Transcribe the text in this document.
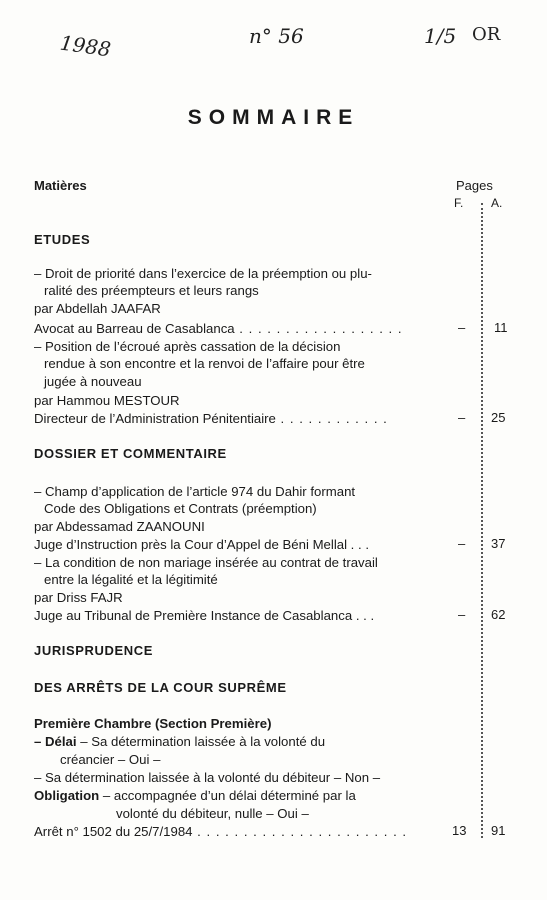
1988	n° 56	1/5 OR
SOMMAIRE
Matières	Pages
F. A.
ETUDES
– Droit de priorité dans l’exercice de la préemption ou plu-
ralité des préempteurs et leurs rangs
par Abdellah JAAFAR
Avocat au Barreau de Casablanca . . . . . . . . . . . . . . . . . .	– 11
– Position de l’écroué après cassation de la décision
rendue à son encontre et la renvoi de l’affaire pour être
jugée à nouveau
par Hammou MESTOUR
Directeur de l’Administration Pénitentiaire . . . . . . . . . . . .	– 25
DOSSIER ET COMMENTAIRE
– Champ d’application de l’article 974 du Dahir formant
Code des Obligations et Contrats (préemption)
par Abdessamad ZAANOUNI
Juge d’Instruction près la Cour d’Appel de Béni Mellal . . .	– 37
– La condition de non mariage insérée au contrat de travail
entre la légalité et la légitimité
par Driss FAJR
Juge au Tribunal de Première Instance de Casablanca . . .	– 62
JURISPRUDENCE
DES ARRÊTS DE LA COUR SUPRÊME
Première Chambre (Section Première)
– Délai – Sa détermination laissée à la volonté du
créancier – Oui –
– Sa détermination laissée à la volonté du débiteur – Non –
Obligation – accompagnée d’un délai déterminé par la
volonté du débiteur, nulle – Oui –
Arrêt n° 1502 du 25/7/1984 . . . . . . . . . . . . . . . . . . . . . . .	13 91
